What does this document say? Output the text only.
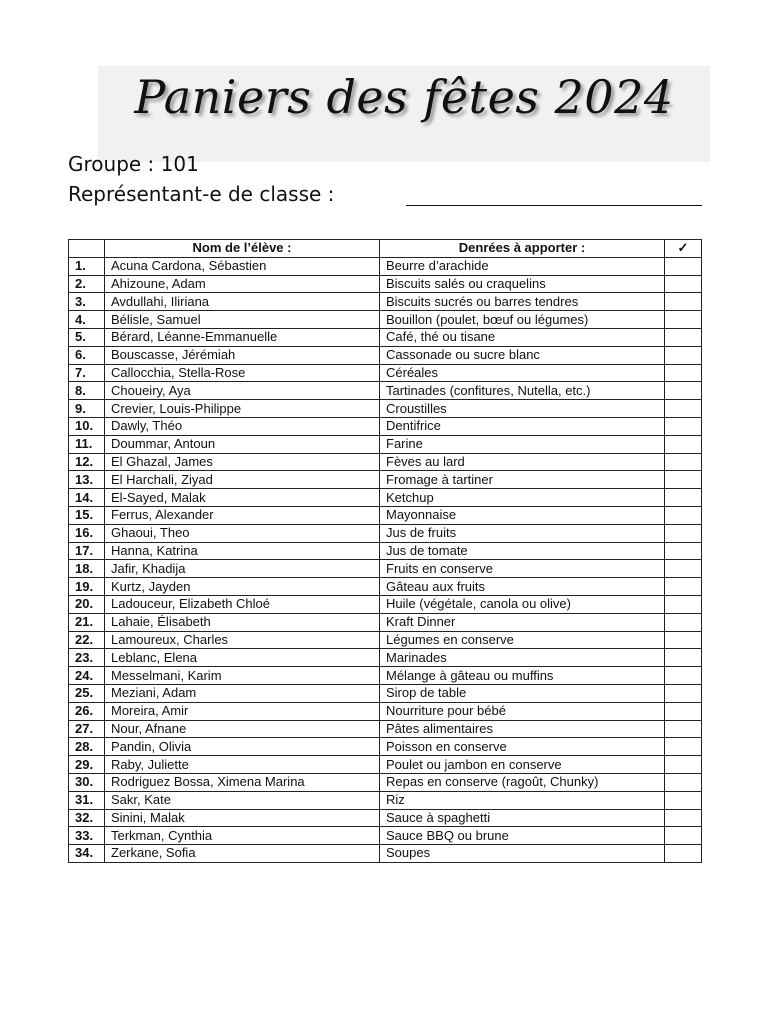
Paniers des fêtes 2024
Groupe : 101
Représentant-e de classe :
	Nom de l’élève :	Denrées à apporter :	✓
1.	Acuna Cardona, Sébastien	Beurre d’arachide	
2.	Ahizoune, Adam	Biscuits salés ou craquelins	
3.	Avdullahi, Iliriana	Biscuits sucrés ou barres tendres	
4.	Bélisle, Samuel	Bouillon (poulet, bœuf ou légumes)	
5.	Bérard, Léanne-Emmanuelle	Café, thé ou tisane	
6.	Bouscasse, Jérémiah	Cassonade ou sucre blanc	
7.	Callocchia, Stella-Rose	Céréales	
8.	Choueiry, Aya	Tartinades (confitures, Nutella, etc.)	
9.	Crevier, Louis-Philippe	Croustilles	
10.	Dawly, Théo	Dentifrice	
11.	Doummar, Antoun	Farine	
12.	El Ghazal, James	Fèves au lard	
13.	El Harchali, Ziyad	Fromage à tartiner	
14.	El-Sayed, Malak	Ketchup	
15.	Ferrus, Alexander	Mayonnaise	
16.	Ghaoui, Theo	Jus de fruits	
17.	Hanna, Katrina	Jus de tomate	
18.	Jafir, Khadija	Fruits en conserve	
19.	Kurtz, Jayden	Gâteau aux fruits	
20.	Ladouceur, Elizabeth Chloé	Huile (végétale, canola ou olive)	
21.	Lahaie, Élisabeth	Kraft Dinner	
22.	Lamoureux, Charles	Légumes en conserve	
23.	Leblanc, Elena	Marinades	
24.	Messelmani, Karim	Mélange à gâteau ou muffins	
25.	Meziani, Adam	Sirop de table	
26.	Moreira, Amir	Nourriture pour bébé	
27.	Nour, Afnane	Pâtes alimentaires	
28.	Pandin, Olivia	Poisson en conserve	
29.	Raby, Juliette	Poulet ou jambon en conserve	
30.	Rodriguez Bossa, Ximena Marina	Repas en conserve (ragoût, Chunky)	
31.	Sakr, Kate	Riz	
32.	Sinini, Malak	Sauce à spaghetti	
33.	Terkman, Cynthia	Sauce BBQ ou brune	
34.	Zerkane, Sofia	Soupes	
